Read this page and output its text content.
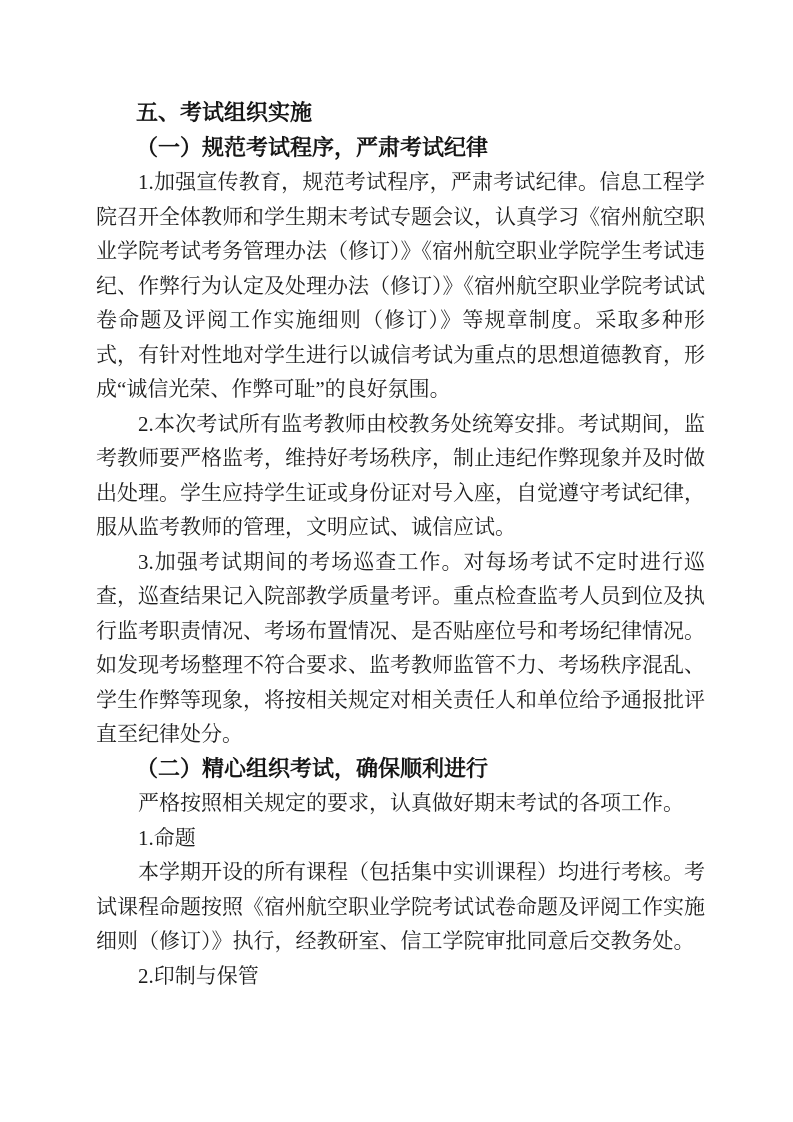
五、考试组织实施
（一）规范考试程序，严肃考试纪律

1.加强宣传教育，规范考试程序，严肃考试纪律。信息工程学院召开全体教师和学生期末考试专题会议，认真学习《宿州航空职业学院考试考务管理办法（修订）》《宿州航空职业学院学生考试违纪、作弊行为认定及处理办法（修订）》《宿州航空职业学院考试试卷命题及评阅工作实施细则（修订）》等规章制度。采取多种形式，有针对性地对学生进行以诚信考试为重点的思想道德教育，形成“诚信光荣、作弊可耻”的良好氛围。

2.本次考试所有监考教师由校教务处统筹安排。考试期间，监考教师要严格监考，维持好考场秩序，制止违纪作弊现象并及时做出处理。学生应持学生证或身份证对号入座，自觉遵守考试纪律，服从监考教师的管理，文明应试、诚信应试。

3.加强考试期间的考场巡查工作。对每场考试不定时进行巡查，巡查结果记入院部教学质量考评。重点检查监考人员到位及执行监考职责情况、考场布置情况、是否贴座位号和考场纪律情况。如发现考场整理不符合要求、监考教师监管不力、考场秩序混乱、学生作弊等现象，将按相关规定对相关责任人和单位给予通报批评直至纪律处分。

（二）精心组织考试，确保顺利进行

严格按照相关规定的要求，认真做好期末考试的各项工作。

1.命题

本学期开设的所有课程（包括集中实训课程）均进行考核。考试课程命题按照《宿州航空职业学院考试试卷命题及评阅工作实施细则（修订）》执行，经教研室、信工学院审批同意后交教务处。

2.印制与保管
